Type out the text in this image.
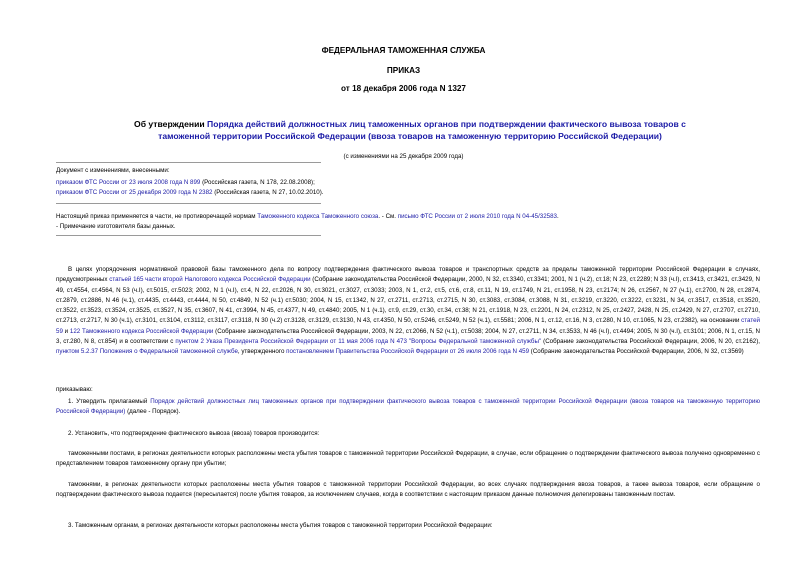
ФЕДЕРАЛЬНАЯ ТАМОЖЕННАЯ СЛУЖБА
ПРИКАЗ
от 18 декабря 2006 года N 1327
Об утверждении Порядка действий должностных лиц таможенных органов при подтверждении фактического вывоза товаров с таможенной территории Российской Федерации (ввоза товаров на таможенную территорию Российской Федерации)
(с изменениями на 25 декабря 2009 года)
Документ с изменениями, внесенными:
приказом ФТС России от 23 июля 2008 года N 899 (Российская газета, N 178, 22.08.2008);
приказом ФТС России от 25 декабря 2009 года N 2382 (Российская газета, N 27, 10.02.2010).
Настоящий приказ применяется в части, не противоречащей нормам Таможенного кодекса Таможенного союза. - См. письмо ФТС России от 2 июля 2010 года N 04-45/32583.
- Примечание изготовителя базы данных.

В целях упорядочения нормативной правовой базы таможенного дела по вопросу подтверждения фактического вывоза товаров и транспортных средств за пределы таможенной территории Российской Федерации в случаях, предусмотренных статьей 165 части второй Налогового кодекса Российской Федерации (Собрание законодательства Российской Федерации, 2000, N 32, ст.3340, ст.3341; 2001, N 1 (ч.2), ст.18; N 23, ст.2289; N 33 (ч.I), ст.3413, ст.3421, ст.3429, N 49, ст.4554, ст.4564, N 53 (ч.I), ст.5015, ст.5023; 2002, N 1 (ч.I), ст.4, N 22, ст.2026, N 30, ст.3021, ст.3027, ст.3033; 2003, N 1, ст.2, ст.5, ст.6, ст.8, ст.11, N 19, ст.1749, N 21, ст.1958, N 23, ст.2174; N 26, ст.2567, N 27 (ч.1), ст.2700, N 28, ст.2874, ст.2879, ст.2886, N 46 (ч.1), ст.4435, ст.4443, ст.4444, N 50, ст.4849, N 52 (ч.1) ст.5030; 2004, N 15, ст.1342, N 27, ст.2711, ст.2713, ст.2715, N 30, ст.3083, ст.3084, ст.3088, N 31, ст.3219, ст.3220, ст.3222, ст.3231, N 34, ст.3517, ст.3518, ст.3520, ст.3522, ст.3523, ст.3524, ст.3525, ст.3527, N 35, ст.3607, N 41, ст.3994, N 45, ст.4377, N 49, ст.4840; 2005, N 1 (ч.1), ст.9, ст.29, ст.30, ст.34, ст.38; N 21, ст.1918, N 23, ст.2201, N 24, ст.2312, N 25, ст.2427, 2428, N 25, ст.2429, N 27, ст.2707, ст.2710, ст.2713, ст.2717, N 30 (ч.1), ст.3101, ст.3104, ст.3112, ст.3117, ст.3118, N 30 (ч.2) ст.3128, ст.3129, ст.3130, N 43, ст.4350, N 50, ст.5246, ст.5249, N 52 (ч.1), ст.5581; 2006, N 1, ст.12, ст.16, N 3, ст.280, N 10, ст.1065, N 23, ст.2382), на основании статей 59 и 122 Таможенного кодекса Российской Федерации (Собрание законодательства Российской Федерации, 2003, N 22, ст.2066, N 52 (ч.1), ст.5038; 2004, N 27, ст.2711, N 34, ст.3533, N 46 (ч.I), ст.4494; 2005, N 30 (ч.I), ст.3101; 2006, N 1, ст.15, N 3, ст.280, N 8, ст.854) и в соответствии с пунктом 2 Указа Президента Российской Федерации от 11 мая 2006 года N 473 "Вопросы Федеральной таможенной службы" (Собрание законодательства Российской Федерации, 2006, N 20, ст.2162), пунктом 5.2.37 Положения о Федеральной таможенной службе, утвержденного постановлением Правительства Российской Федерации от 26 июля 2006 года N 459 (Собрание законодательства Российской Федерации, 2006, N 32, ст.3569)

приказываю:

1. Утвердить прилагаемый Порядок действий должностных лиц таможенных органов при подтверждении фактического вывоза товаров с таможенной территории Российской Федерации (ввоза товаров на таможенную территорию Российской Федерации) (далее - Порядок).

2. Установить, что подтверждение фактического вывоза (ввоза) товаров производится:

таможенными постами, в регионах деятельности которых расположены места убытия товаров с таможенной территории Российской Федерации, в случае, если обращение о подтверждении фактического вывоза получено одновременно с представлением товаров таможенному органу при убытии;

таможнями, в регионах деятельности которых расположены места убытия товаров с таможенной территории Российской Федерации, во всех случаях подтверждения ввоза товаров, а также вывоза товаров, если обращение о подтверждении фактического вывоза подается (пересылается) после убытия товаров, за исключением случаев, когда в соответствии с настоящим приказом данные полномочия делегированы таможенным постам.

3. Таможенным органам, в регионах деятельности которых расположены места убытия товаров с таможенной территории Российской Федерации:
